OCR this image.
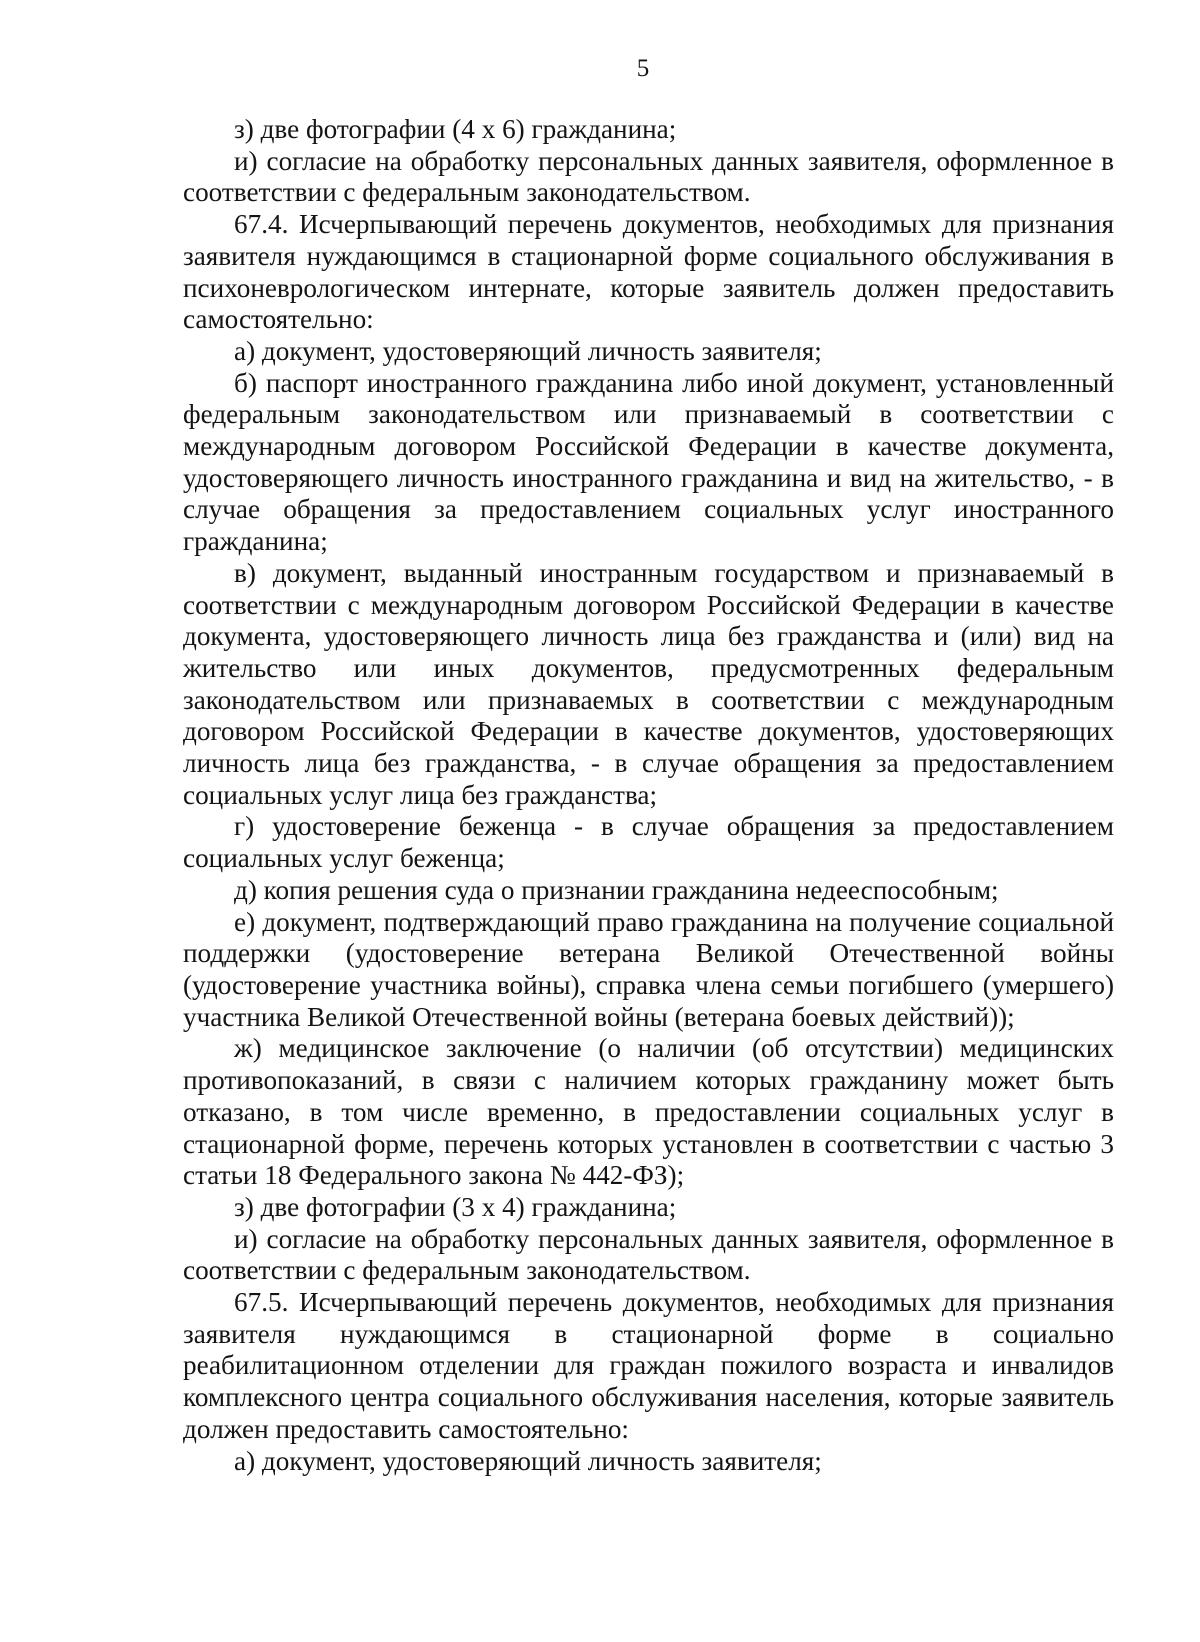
5

з) две фотографии (4 х 6) гражданина;

и) согласие на обработку персональных данных заявителя, оформленное в соответствии с федеральным законодательством.

67.4. Исчерпывающий перечень документов, необходимых для признания заявителя нуждающимся в стационарной форме социального обслуживания в психоневрологическом интернате, которые заявитель должен предоставить самостоятельно:

а) документ, удостоверяющий личность заявителя;

б) паспорт иностранного гражданина либо иной документ, установленный федеральным законодательством или признаваемый в соответствии с международным договором Российской Федерации в качестве документа, удостоверяющего личность иностранного гражданина и вид на жительство, - в случае обращения за предоставлением социальных услуг иностранного гражданина;

в) документ, выданный иностранным государством и признаваемый в соответствии с международным договором Российской Федерации в качестве документа, удостоверяющего личность лица без гражданства и (или) вид на жительство или иных документов, предусмотренных федеральным законодательством или признаваемых в соответствии с международным договором Российской Федерации в качестве документов, удостоверяющих личность лица без гражданства, - в случае обращения за предоставлением социальных услуг лица без гражданства;

г) удостоверение беженца - в случае обращения за предоставлением социальных услуг беженца;

д) копия решения суда о признании гражданина недееспособным;

е) документ, подтверждающий право гражданина на получение социальной поддержки (удостоверение ветерана Великой Отечественной войны (удостоверение участника войны), справка члена семьи погибшего (умершего) участника Великой Отечественной войны (ветерана боевых действий));

ж) медицинское заключение (о наличии (об отсутствии) медицинских противопоказаний, в связи с наличием которых гражданину может быть отказано, в том числе временно, в предоставлении социальных услуг в стационарной форме, перечень которых установлен в соответствии с частью 3 статьи 18 Федерального закона № 442-ФЗ);

з) две фотографии (3 х 4) гражданина;

и) согласие на обработку персональных данных заявителя, оформленное в соответствии с федеральным законодательством.

67.5. Исчерпывающий перечень документов, необходимых для признания заявителя нуждающимся в стационарной форме в социально реабилитационном отделении для граждан пожилого возраста и инвалидов комплексного центра социального обслуживания населения, которые заявитель должен предоставить самостоятельно:

а) документ, удостоверяющий личность заявителя;
